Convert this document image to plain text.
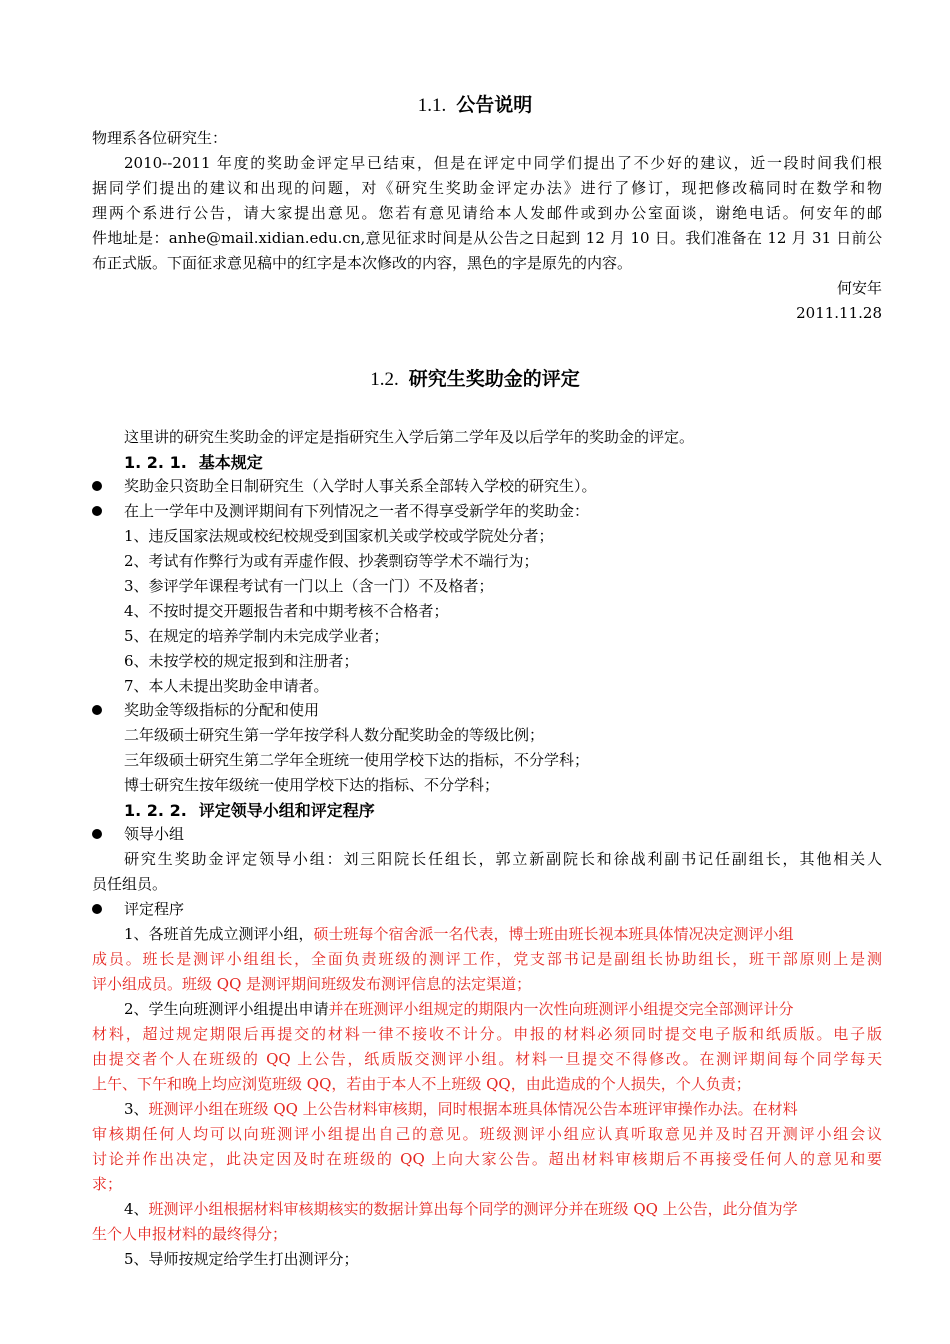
1.1. 公告说明
物理系各位研究生：
2010--2011 年度的奖助金评定早已结束，但是在评定中同学们提出了不少好的建议，近一段时间我们根
据同学们提出的建议和出现的问题，对《研究生奖助金评定办法》进行了修订，现把修改稿同时在数学和物
理两个系进行公告，请大家提出意见。您若有意见请给本人发邮件或到办公室面谈，谢绝电话。何安年的邮
件地址是：anhe@mail.xidian.edu.cn,意见征求时间是从公告之日起到 12 月 10 日。我们准备在 12 月 31 日前公
布正式版。下面征求意见稿中的红字是本次修改的内容，黑色的字是原先的内容。
何安年
2011.11.28
1.2. 研究生奖助金的评定
这里讲的研究生奖助金的评定是指研究生入学后第二学年及以后学年的奖助金的评定。
1. 2. 1. 基本规定
奖助金只资助全日制研究生（入学时人事关系全部转入学校的研究生）。
在上一学年中及测评期间有下列情况之一者不得享受新学年的奖助金：
1、违反国家法规或校纪校规受到国家机关或学校或学院处分者；
2、考试有作弊行为或有弄虚作假、抄袭剽窃等学术不端行为；
3、参评学年课程考试有一门以上（含一门）不及格者；
4、不按时提交开题报告者和中期考核不合格者；
5、在规定的培养学制内未完成学业者；
6、未按学校的规定报到和注册者；
7、本人未提出奖助金申请者。
奖助金等级指标的分配和使用
二年级硕士研究生第一学年按学科人数分配奖助金的等级比例；
三年级硕士研究生第二学年全班统一使用学校下达的指标，不分学科；
博士研究生按年级统一使用学校下达的指标、不分学科；
1. 2. 2. 评定领导小组和评定程序
领导小组
研究生奖助金评定领导小组：刘三阳院长任组长，郭立新副院长和徐战利副书记任副组长，其他相关人
员任组员。
评定程序
1、各班首先成立测评小组，硕士班每个宿舍派一名代表，博士班由班长视本班具体情况决定测评小组
成员。班长是测评小组组长，全面负责班级的测评工作，党支部书记是副组长协助组长，班干部原则上是测
评小组成员。班级 QQ 是测评期间班级发布测评信息的法定渠道；
2、学生向班测评小组提出申请并在班测评小组规定的期限内一次性向班测评小组提交完全部测评计分
材料，超过规定期限后再提交的材料一律不接收不计分。申报的材料必须同时提交电子版和纸质版。电子版
由提交者个人在班级的 QQ 上公告，纸质版交测评小组。材料一旦提交不得修改。在测评期间每个同学每天
上午、下午和晚上均应浏览班级 QQ，若由于本人不上班级 QQ，由此造成的个人损失，个人负责；
3、班测评小组在班级 QQ 上公告材料审核期，同时根据本班具体情况公告本班评审操作办法。在材料
审核期任何人均可以向班测评小组提出自己的意见。班级测评小组应认真听取意见并及时召开测评小组会议
讨论并作出决定，此决定因及时在班级的 QQ 上向大家公告。超出材料审核期后不再接受任何人的意见和要
求；
4、班测评小组根据材料审核期核实的数据计算出每个同学的测评分并在班级 QQ 上公告，此分值为学
生个人申报材料的最终得分；
5、导师按规定给学生打出测评分；
